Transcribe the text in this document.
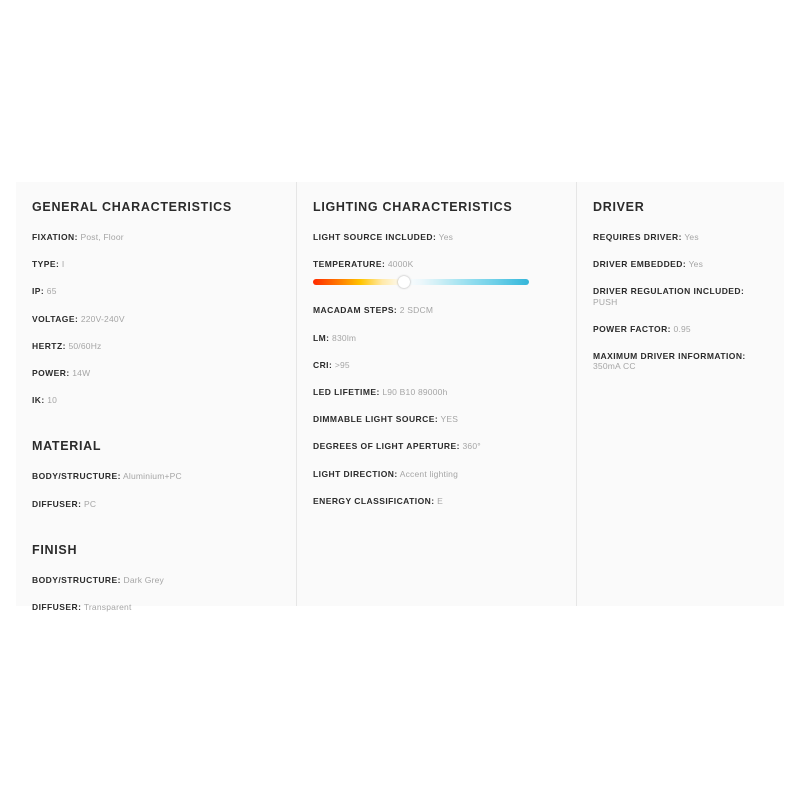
GENERAL CHARACTERISTICS
FIXATION: Post, Floor
TYPE: I
IP: 65
VOLTAGE: 220V-240V
HERTZ: 50/60Hz
POWER: 14W
IK: 10
MATERIAL
BODY/STRUCTURE: Aluminium+PC
DIFFUSER: PC
FINISH
BODY/STRUCTURE: Dark Grey
DIFFUSER: Transparent
LIGHTING CHARACTERISTICS
LIGHT SOURCE INCLUDED: Yes
TEMPERATURE: 4000K
MACADAM STEPS: 2 SDCM
LM: 830lm
CRI: >95
LED LIFETIME: L90 B10 89000h
DIMMABLE LIGHT SOURCE: YES
DEGREES OF LIGHT APERTURE: 360°
LIGHT DIRECTION: Accent lighting
ENERGY CLASSIFICATION: E
DRIVER
REQUIRES DRIVER: Yes
DRIVER EMBEDDED: Yes
DRIVER REGULATION INCLUDED: PUSH
POWER FACTOR: 0.95
MAXIMUM DRIVER INFORMATION: 350mA CC
